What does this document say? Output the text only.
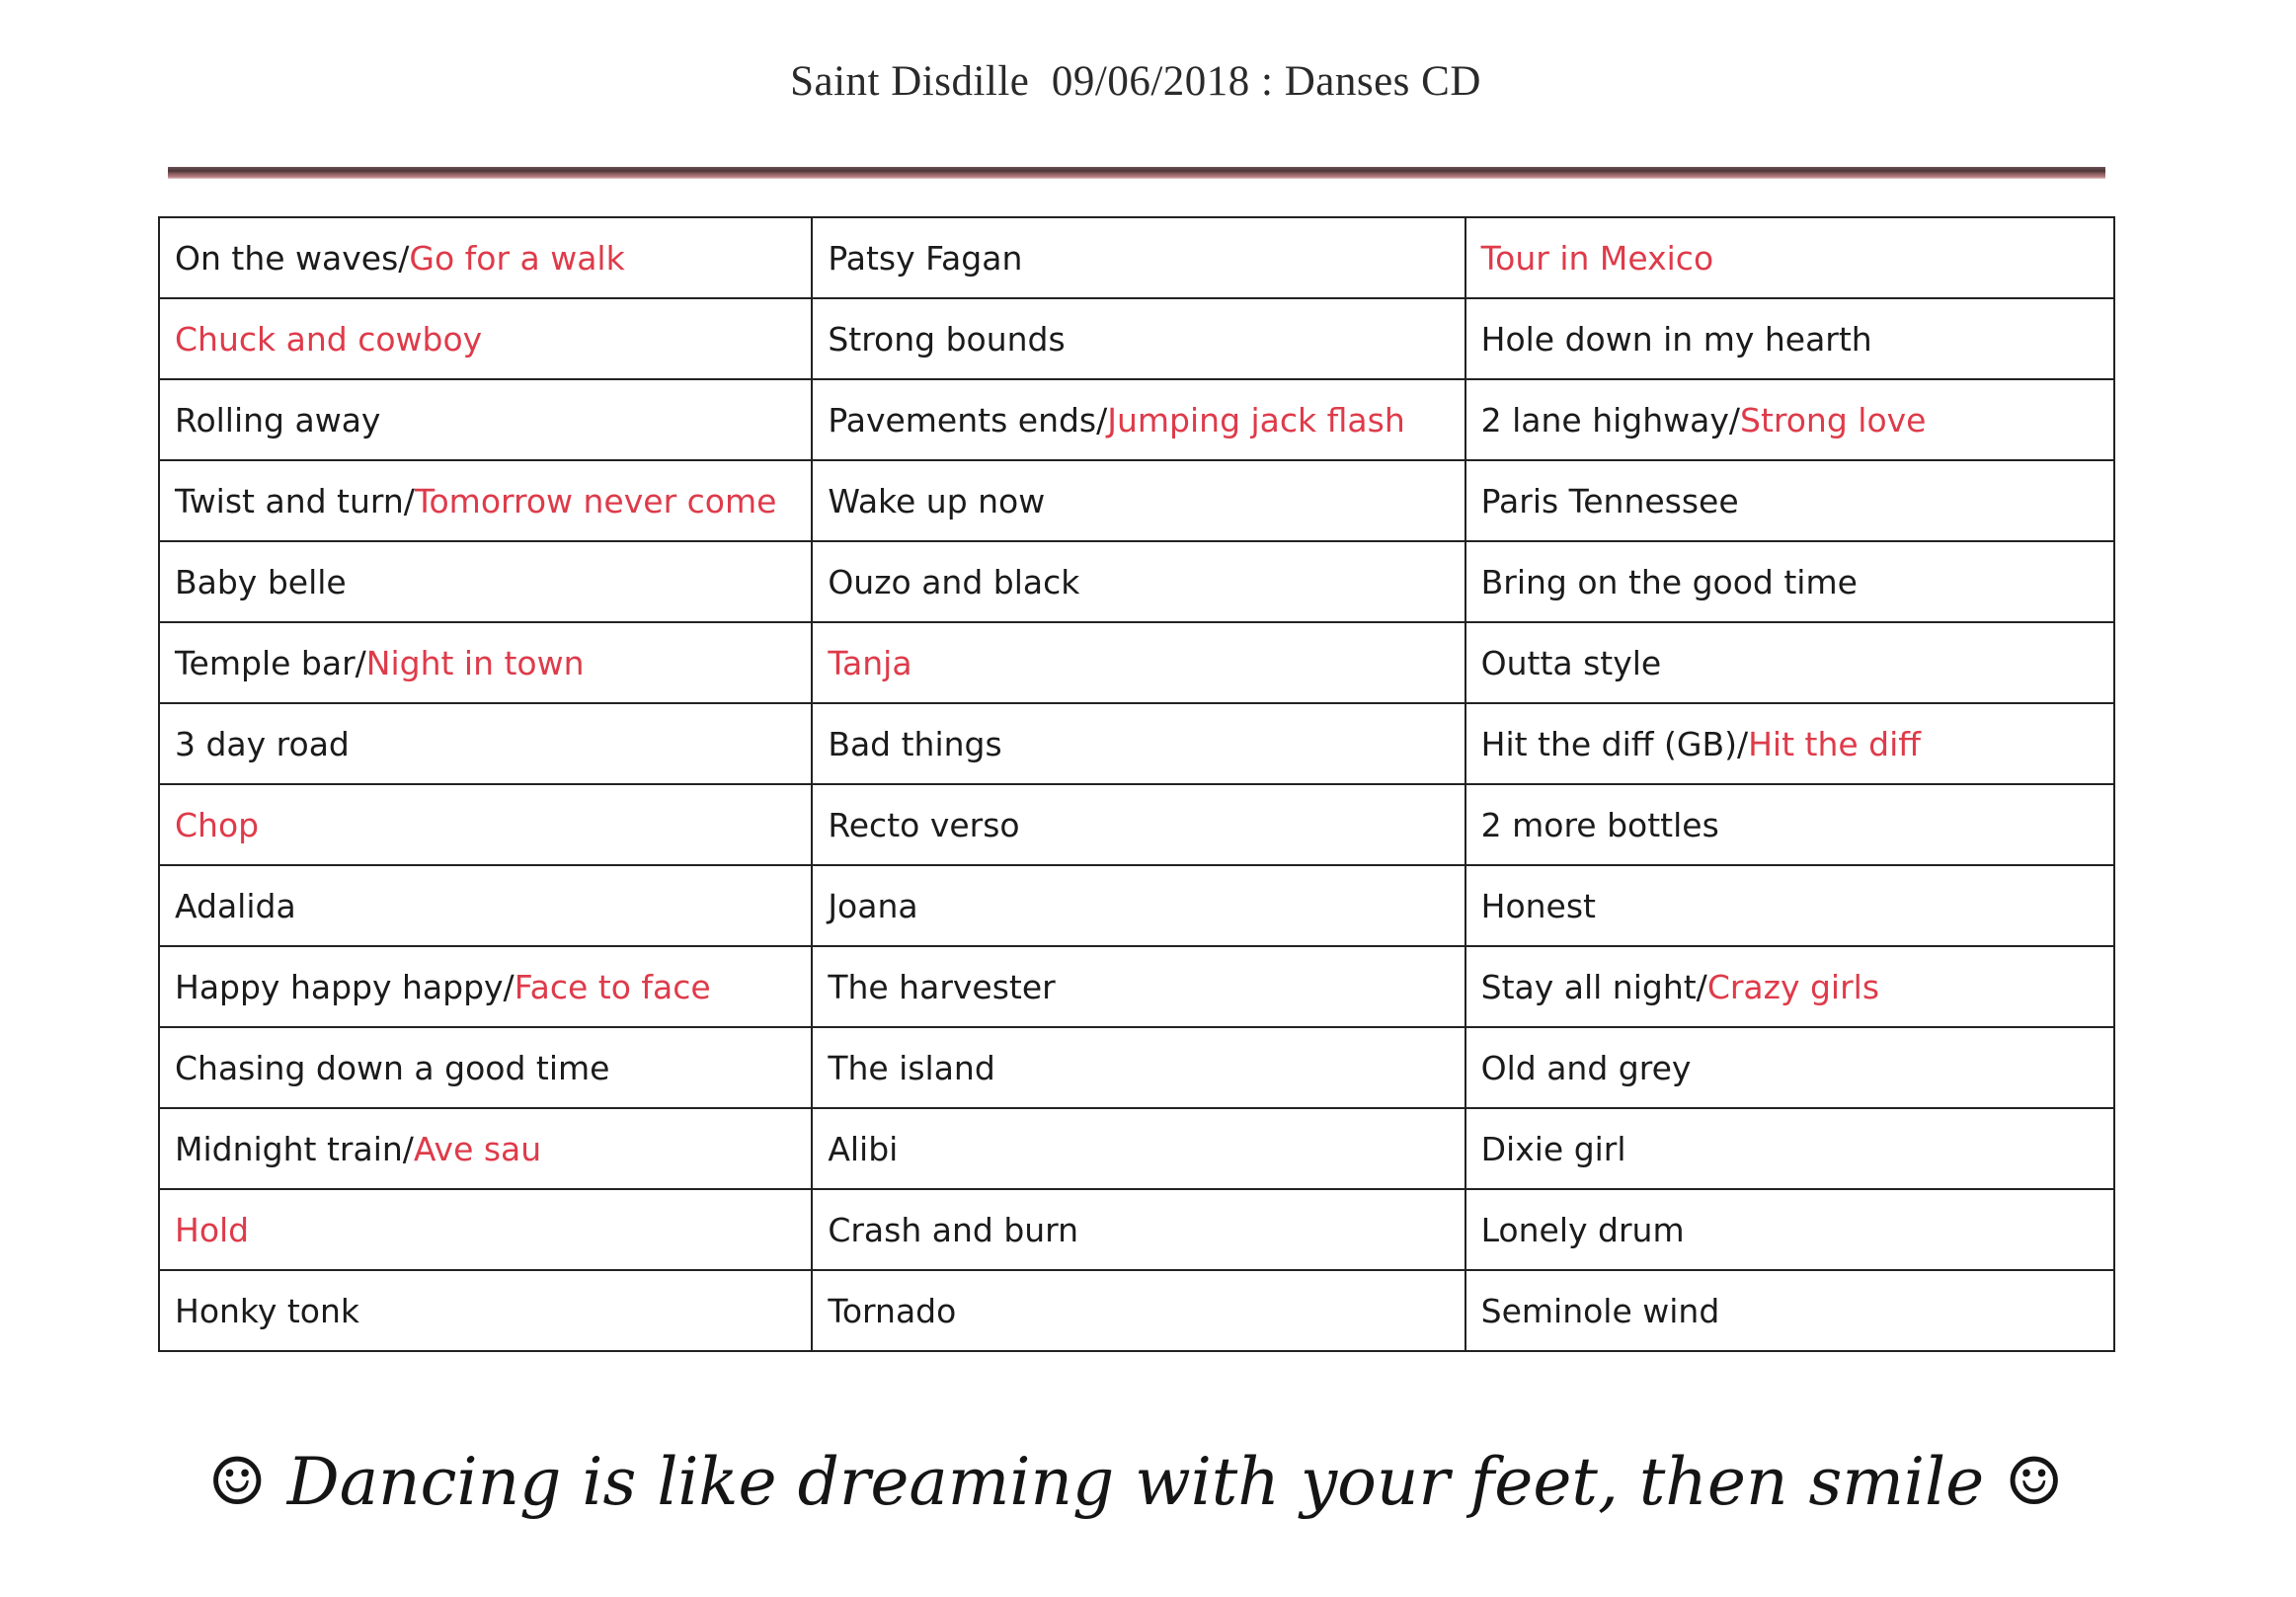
Saint Disdille  09/06/2018 : Danses CD
On the waves/Go for a walk	Patsy Fagan	Tour in Mexico
Chuck and cowboy	Strong bounds	Hole down in my hearth
Rolling away	Pavements ends/Jumping jack flash	2 lane highway/Strong love
Twist and turn/Tomorrow never come	Wake up now	Paris Tennessee
Baby belle	Ouzo and black	Bring on the good time
Temple bar/Night in town	Tanja	Outta style
3 day road	Bad things	Hit the diff (GB)/Hit the diff
Chop	Recto verso	2 more bottles
Adalida	Joana	Honest
Happy happy happy/Face to face	The harvester	Stay all night/Crazy girls
Chasing down a good time	The island	Old and grey
Midnight train/Ave sau	Alibi	Dixie girl
Hold	Crash and burn	Lonely drum
Honky tonk	Tornado	Seminole wind
☺ Dancing is like dreaming with your feet, then smile ☺
